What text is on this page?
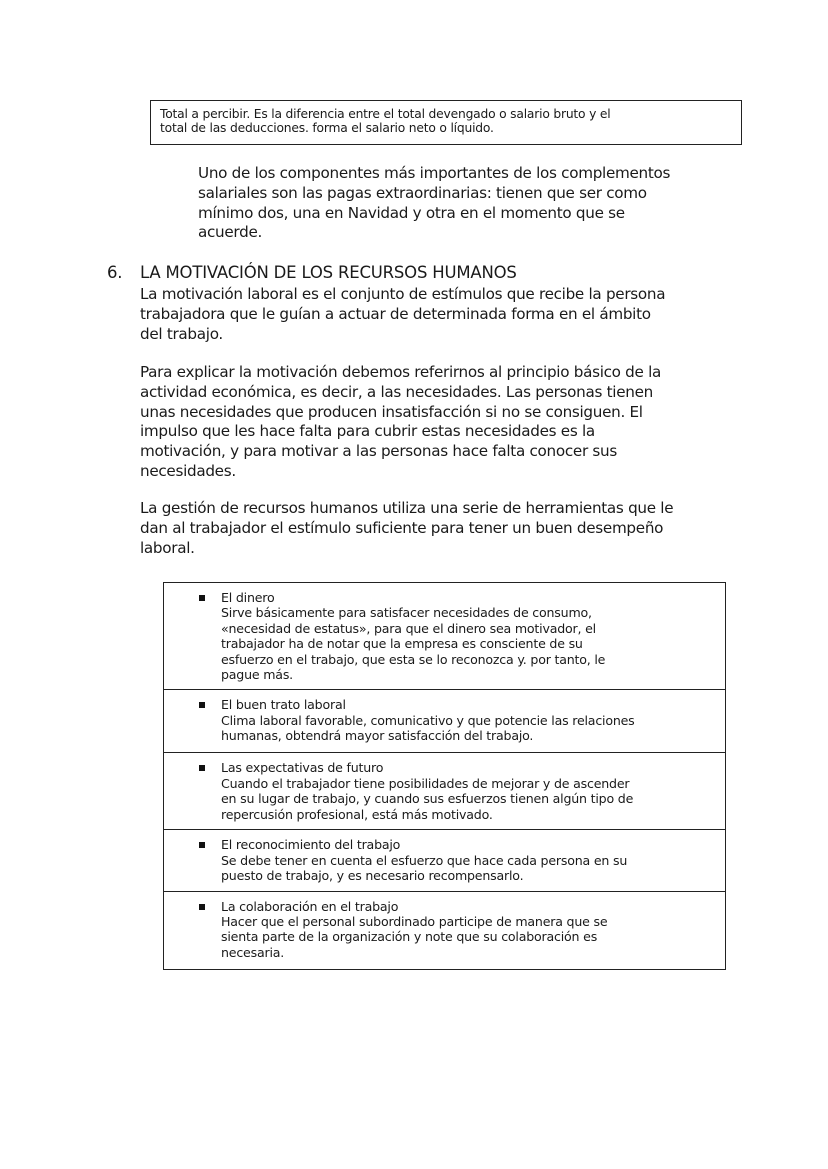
Total a percibir. Es la diferencia entre el total devengado o salario bruto y el
total de las deducciones. forma el salario neto o líquido.
Uno de los componentes más importantes de los complementos
salariales son las pagas extraordinarias: tienen que ser como
mínimo dos, una en Navidad y otra en el momento que se
acuerde.
6. LA MOTIVACIÓN DE LOS RECURSOS HUMANOS
La motivación laboral es el conjunto de estímulos que recibe la persona
trabajadora que le guían a actuar de determinada forma en el ámbito
del trabajo.
Para explicar la motivación debemos referirnos al principio básico de la
actividad económica, es decir, a las necesidades. Las personas tienen
unas necesidades que producen insatisfacción si no se consiguen. El
impulso que les hace falta para cubrir estas necesidades es la
motivación, y para motivar a las personas hace falta conocer sus
necesidades.
La gestión de recursos humanos utiliza una serie de herramientas que le
dan al trabajador el estímulo suficiente para tener un buen desempeño
laboral.
El dinero
Sirve básicamente para satisfacer necesidades de consumo,
«necesidad de estatus», para que el dinero sea motivador, el
trabajador ha de notar que la empresa es consciente de su
esfuerzo en el trabajo, que esta se lo reconozca y. por tanto, le
pague más.

El buen trato laboral
Clima laboral favorable, comunicativo y que potencie las relaciones
humanas, obtendrá mayor satisfacción del trabajo.

Las expectativas de futuro
Cuando el trabajador tiene posibilidades de mejorar y de ascender
en su lugar de trabajo, y cuando sus esfuerzos tienen algún tipo de
repercusión profesional, está más motivado.

El reconocimiento del trabajo
Se debe tener en cuenta el esfuerzo que hace cada persona en su
puesto de trabajo, y es necesario recompensarlo.

La colaboración en el trabajo
Hacer que el personal subordinado participe de manera que se
sienta parte de la organización y note que su colaboración es
necesaria.
